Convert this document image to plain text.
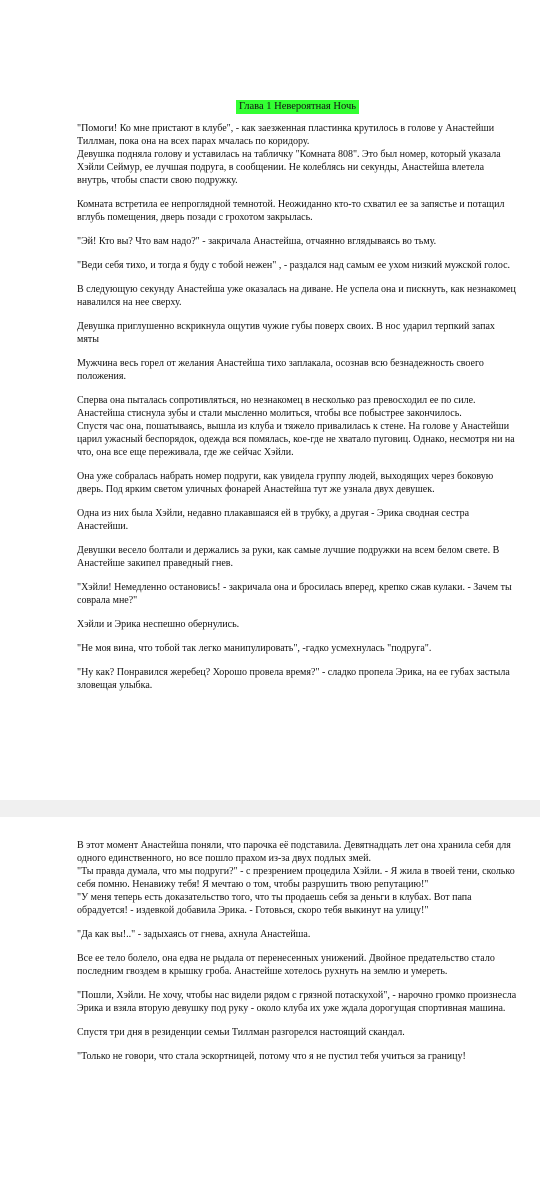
Глава 1 Невероятная Ночь

"Помоги! Ко мне пристают в клубе", - как заезженная пластинка крутилось в голове у Анастейши Тиллман, пока она на всех парах мчалась по коридору.

Девушка подняла голову и уставилась на табличку "Комната 808". Это был номер, который указала Хэйли Сеймур, ее лучшая подруга, в сообщении. Не колеблясь ни секунды, Анастейша влетела внутрь, чтобы спасти свою подружку.

Комната встретила ее непроглядной темнотой. Неожиданно кто-то схватил ее за запястье и потащил вглубь помещения, дверь позади с грохотом закрылась.

"Эй! Кто вы? Что вам надо?" - закричала Анастейша, отчаянно вглядываясь во тьму.

"Веди себя тихо, и тогда я буду с тобой нежен" , - раздался над самым ее ухом низкий мужской голос.

В следующую секунду Анастейша уже оказалась на диване. Не успела она и пискнуть, как незнакомец навалился на нее сверху.

Девушка приглушенно вскрикнула ощутив чужие губы поверх своих. В нос ударил терпкий запах мяты

Мужчина весь горел от желания Анастейша тихо заплакала, осознав всю безнадежность своего положения.

Сперва она пыталась сопротивляться, но незнакомец в несколько раз превосходил ее по силе. Анастейша стиснула зубы и стали мысленно молиться, чтобы все побыстрее закончилось.

Спустя час она, пошатываясь, вышла из клуба и тяжело привалилась к стене. На голове у Анастейши царил ужасный беспорядок, одежда вся помялась, кое-где не хватало пуговиц. Однако, несмотря ни на что, она все еще переживала, где же сейчас Хэйли.

Она уже собралась набрать номер подруги, как увидела группу людей, выходящих через боковую дверь. Под ярким светом уличных фонарей Анастейша тут же узнала двух девушек.

Одна из них была Хэйли, недавно плакавшаяся ей в трубку, а другая - Эрика сводная сестра Анастейши.

Девушки весело болтали и держались за руки, как самые лучшие подружки на всем белом свете. В Анастейше закипел праведный гнев.

"Хэйли! Немедленно остановись! - закричала она и бросилась вперед, крепко сжав кулаки. - Зачем ты соврала мне?"

Хэйли и Эрика неспешно обернулись.

"Не моя вина, что тобой так легко манипулировать", -гадко усмехнулась "подруга".

"Ну как? Понравился жеребец? Хорошо провела время?" - сладко пропела Эрика, на ее губах застыла зловещая улыбка.

В этот момент Анастейша поняли, что парочка её подставила. Девятнадцать лет она хранила себя для одного единственного, но все пошло прахом из-за двух подлых змей.

"Ты правда думала, что мы подруги?" - с презрением процедила Хэйли. - Я жила в твоей тени, сколько себя помню. Ненавижу тебя! Я мечтаю о том, чтобы разрушить твою репутацию!"

"У меня теперь есть доказательство того, что ты продаешь себя за деньги в клубах. Вот папа обрадуется! - издевкой добавила Эрика. - Готовься, скоро тебя выкинут на улицу!"

"Да как вы!.." - задыхаясь от гнева, ахнула Анастейша.

Все ее тело болело, она едва не рыдала от перенесенных унижений. Двойное предательство стало последним гвоздем в крышку гроба. Анастейше хотелось рухнуть на землю и умереть.

"Пошли, Хэйли. Не хочу, чтобы нас видели рядом с грязной потаскухой", - нарочно громко произнесла Эрика и взяла вторую девушку под руку - около клуба их уже ждала дорогущая спортивная машина.

Спустя три дня в резиденции семьи Тиллман разгорелся настоящий скандал.

"Только не говори, что стала эскортницей, потому что я не пустил тебя учиться за границу!
